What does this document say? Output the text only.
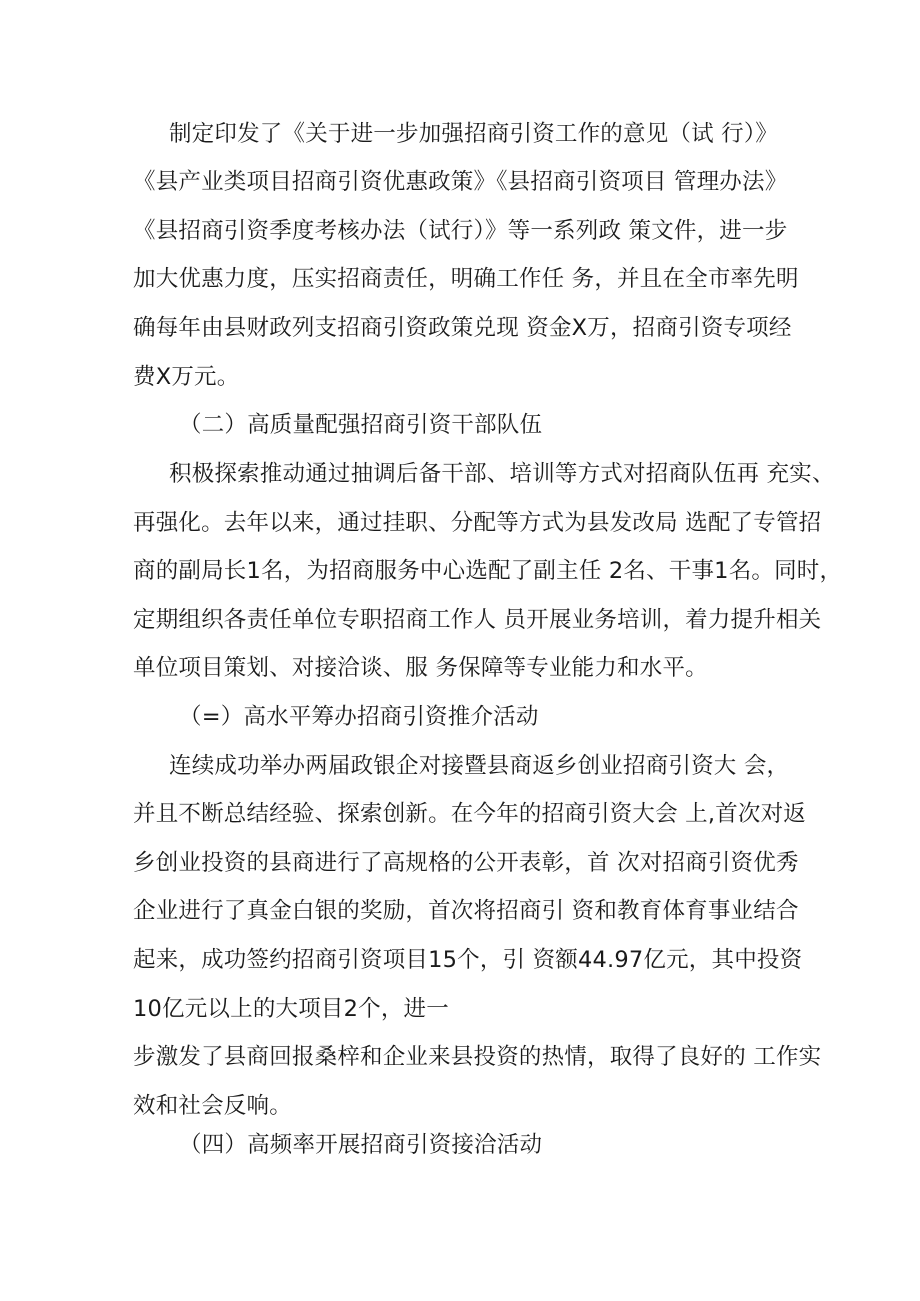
制定印发了《关于进一步加强招商引资工作的意见（试 行）》
《县产业类项目招商引资优惠政策》《县招商引资项目 管理办法》
《县招商引资季度考核办法（试行）》等一系列政 策文件，进一步
加大优惠力度，压实招商责任，明确工作任 务，并且在全市率先明
确每年由县财政列支招商引资政策兑现 资金X万，招商引资专项经
费X万元。
（二）高质量配强招商引资干部队伍
积极探索推动通过抽调后备干部、培训等方式对招商队伍再 充实、
再强化。去年以来，通过挂职、分配等方式为县发改局 选配了专管招
商的副局长1名，为招商服务中心选配了副主任 2名、干事1名。同时，
定期组织各责任单位专职招商工作人 员开展业务培训，着力提升相关
单位项目策划、对接洽谈、服 务保障等专业能力和水平。
（=）高水平筹办招商引资推介活动
连续成功举办两届政银企对接暨县商返乡创业招商引资大 会，
并且不断总结经验、探索创新。在今年的招商引资大会 上,首次对返
乡创业投资的县商进行了高规格的公开表彰，首 次对招商引资优秀
企业进行了真金白银的奖励，首次将招商引 资和教育体育事业结合
起来，成功签约招商引资项目15个，引 资额44.97亿元，其中投资
10亿元以上的大项目2个，进一
步激发了县商回报桑梓和企业来县投资的热情，取得了良好的 工作实
效和社会反响。
（四）高频率开展招商引资接洽活动
